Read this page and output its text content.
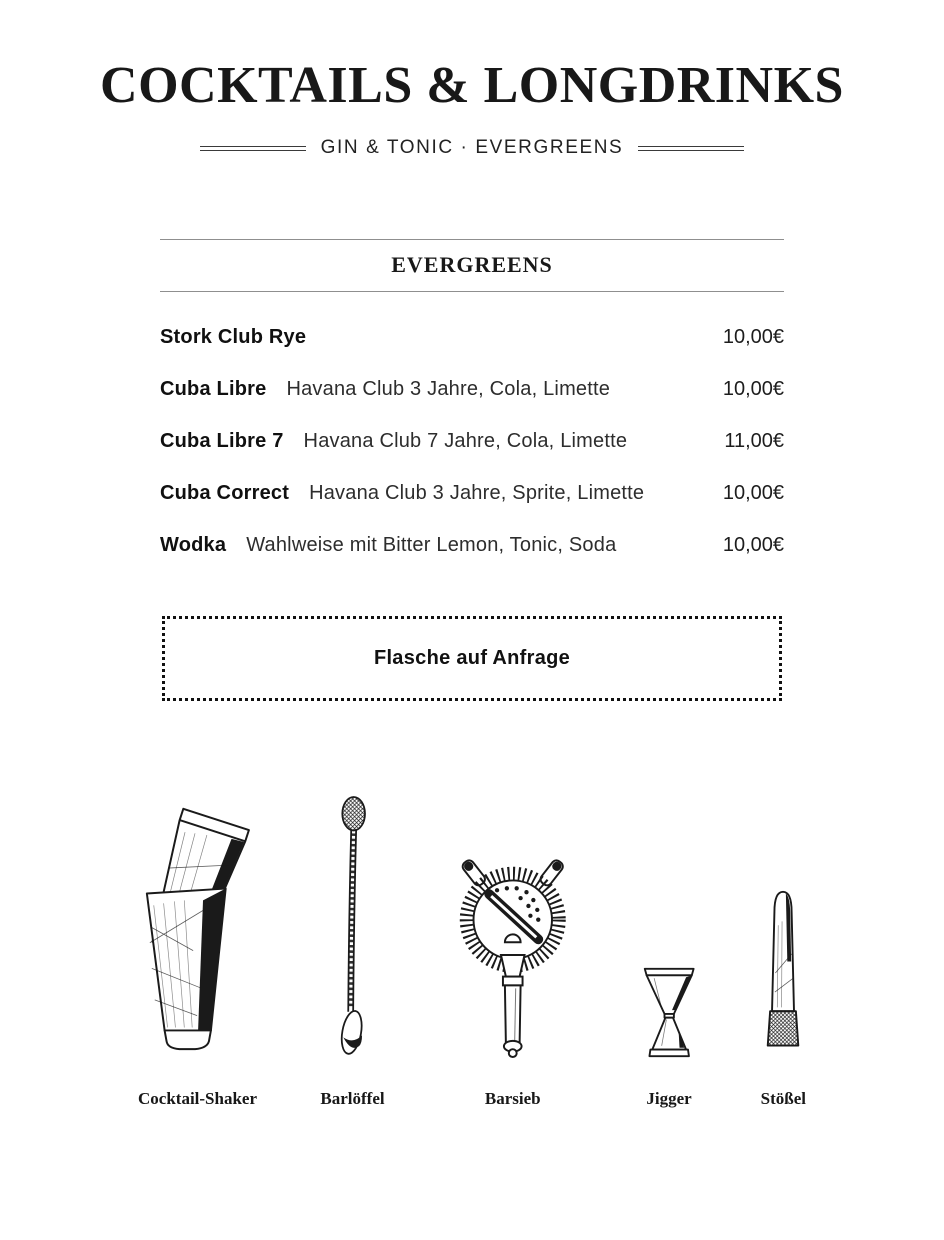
COCKTAILS & LONGDRINKS
GIN & TONIC · EVERGREENS
EVERGREENS
Stork Club Rye	10,00€
Cuba Libre Havana Club 3 Jahre, Cola, Limette	10,00€
Cuba Libre 7 Havana Club 7 Jahre, Cola, Limette	11,00€
Cuba Correct Havana Club 3 Jahre, Sprite, Limette	10,00€
Wodka Wahlweise mit Bitter Lemon, Tonic, Soda	10,00€
Flasche auf Anfrage
Cocktail-Shaker	Barlöffel	Barsieb	Jigger	Stößel
